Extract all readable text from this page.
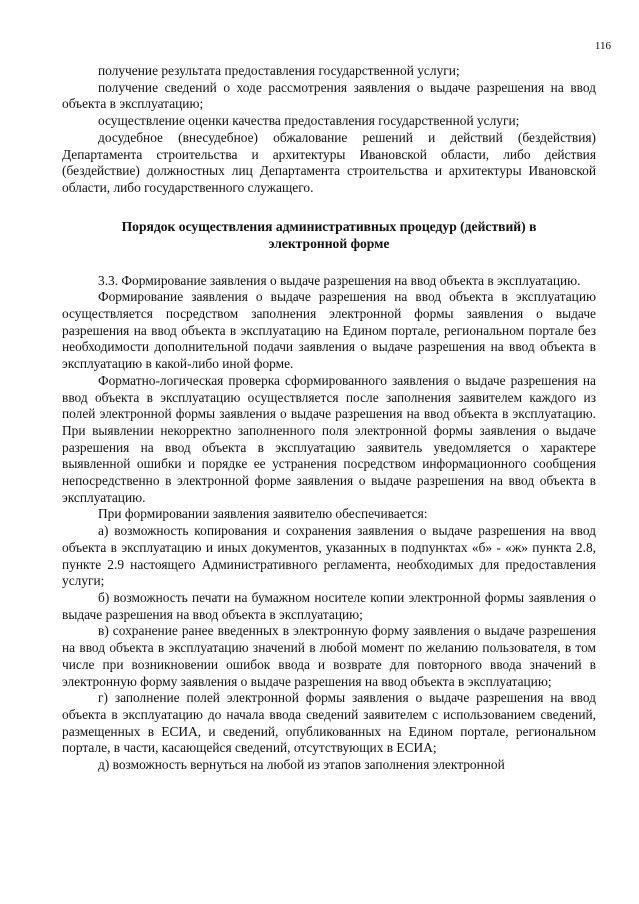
116

получение результата предоставления государственной услуги;

получение сведений о ходе рассмотрения заявления о выдаче разрешения на ввод объекта в эксплуатацию;

осуществление оценки качества предоставления государственной услуги;

досудебное (внесудебное) обжалование решений и действий (бездействия) Департамента строительства и архитектуры Ивановской области, либо действия (бездействие) должностных лиц Департамента строительства и архитектуры Ивановской области, либо государственного служащего.

Порядок осуществления административных процедур (действий) в
электронной форме

3.3. Формирование заявления о выдаче разрешения на ввод объекта в эксплуатацию.

Формирование заявления о выдаче разрешения на ввод объекта в эксплуатацию осуществляется посредством заполнения электронной формы заявления о выдаче разрешения на ввод объекта в эксплуатацию на Едином портале, региональном портале без необходимости дополнительной подачи заявления о выдаче разрешения на ввод объекта в эксплуатацию в какой-либо иной форме.

Форматно-логическая проверка сформированного заявления о выдаче разрешения на ввод объекта в эксплуатацию осуществляется после заполнения заявителем каждого из полей электронной формы заявления о выдаче разрешения на ввод объекта в эксплуатацию. При выявлении некорректно заполненного поля электронной формы заявления о выдаче разрешения на ввод объекта в эксплуатацию заявитель уведомляется о характере выявленной ошибки и порядке ее устранения посредством информационного сообщения непосредственно в электронной форме заявления о выдаче разрешения на ввод объекта в эксплуатацию.

При формировании заявления заявителю обеспечивается:

а) возможность копирования и сохранения заявления о выдаче разрешения на ввод объекта в эксплуатацию и иных документов, указанных в подпунктах «б» - «ж» пункта 2.8, пункте 2.9 настоящего Административного регламента, необходимых для предоставления услуги;

б) возможность печати на бумажном носителе копии электронной формы заявления о выдаче разрешения на ввод объекта в эксплуатацию;

в) сохранение ранее введенных в электронную форму заявления о выдаче разрешения на ввод объекта в эксплуатацию значений в любой момент по желанию пользователя, в том числе при возникновении ошибок ввода и возврате для повторного ввода значений в электронную форму заявления о выдаче разрешения на ввод объекта в эксплуатацию;

г) заполнение полей электронной формы заявления о выдаче разрешения на ввод объекта в эксплуатацию до начала ввода сведений заявителем с использованием сведений, размещенных в ЕСИА, и сведений, опубликованных на Едином портале, региональном портале, в части, касающейся сведений, отсутствующих в ЕСИА;

д) возможность вернуться на любой из этапов заполнения электронной
